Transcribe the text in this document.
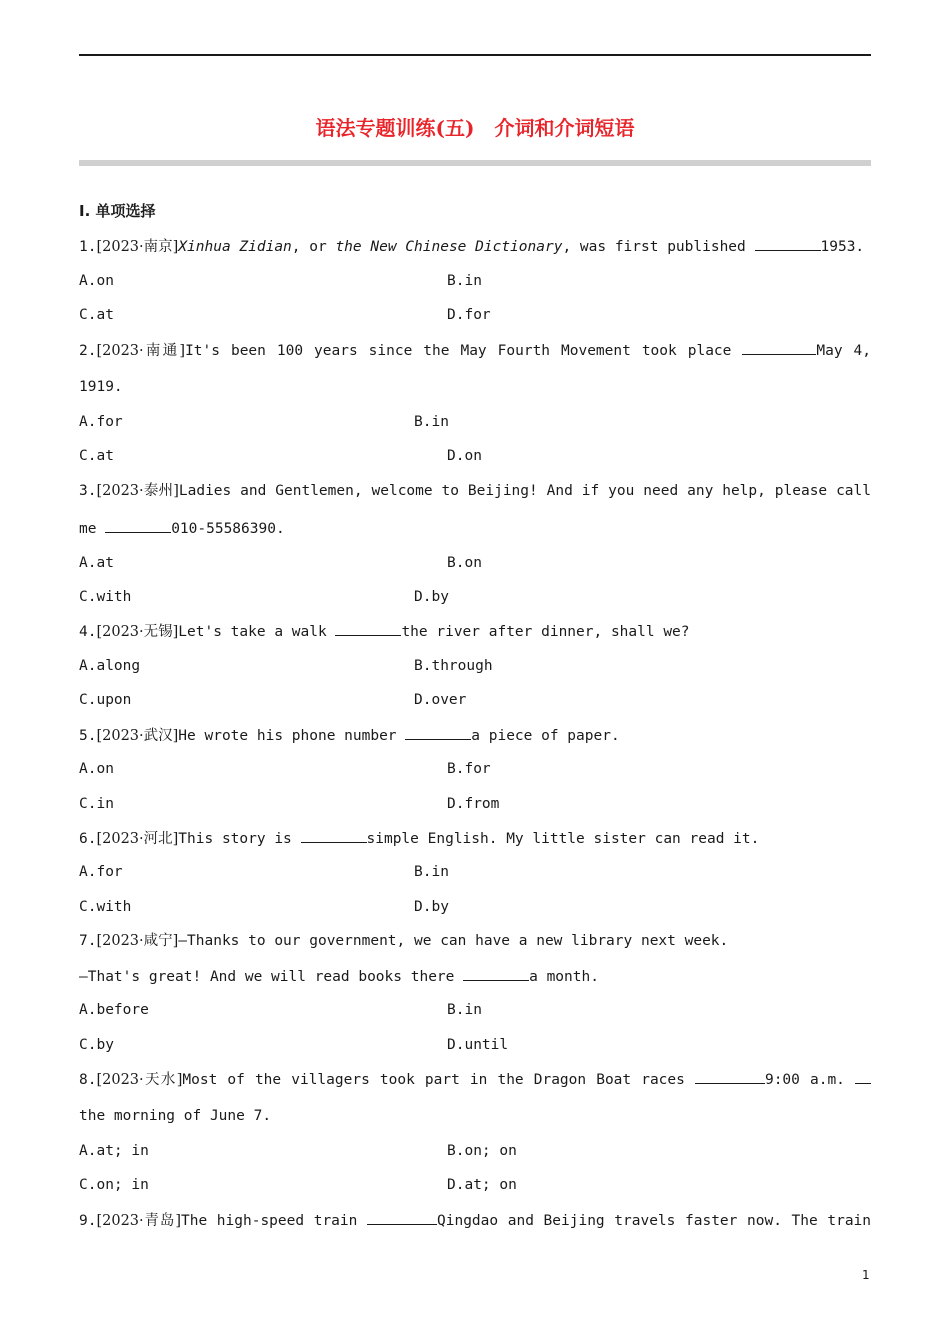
语法专题训练(五)　介词和介词短语
Ⅰ. 单项选择
1.[2023·南京]Xinhua Zidian, or the New Chinese Dictionary, was first published	1953.
A.on	B.in
C.at	D.for
2.[2023·南通]It's been 100 years since the May Fourth Movement took place	May 4,
1919.
A.for	B.in
C.at	D.on
3.[2023·泰州]Ladies and Gentlemen, welcome to Beijing! And if you need any help, please call
me	010-55586390.
A.at	B.on
C.with	D.by
4.[2023·无锡]Let's take a walk	the river after dinner, shall we?
A.along	B.through
C.upon	D.over
5.[2023·武汉]He wrote his phone number	a piece of paper.
A.on	B.for
C.in	D.from
6.[2023·河北]This story is	simple English. My little sister can read it.
A.for	B.in
C.with	D.by
7.[2023·咸宁]—Thanks to our government, we can have a new library next week.
—That's great! And we will read books there	a month.
A.before	B.in
C.by	D.until
8.[2023·天水]Most of the villagers took part in the Dragon Boat races	9:00 a.m.
the morning of June 7.
A.at; in	B.on; on
C.on; in	D.at; on
9.[2023·青岛]The high-speed train	Qingdao and Beijing travels faster now. The train
1
